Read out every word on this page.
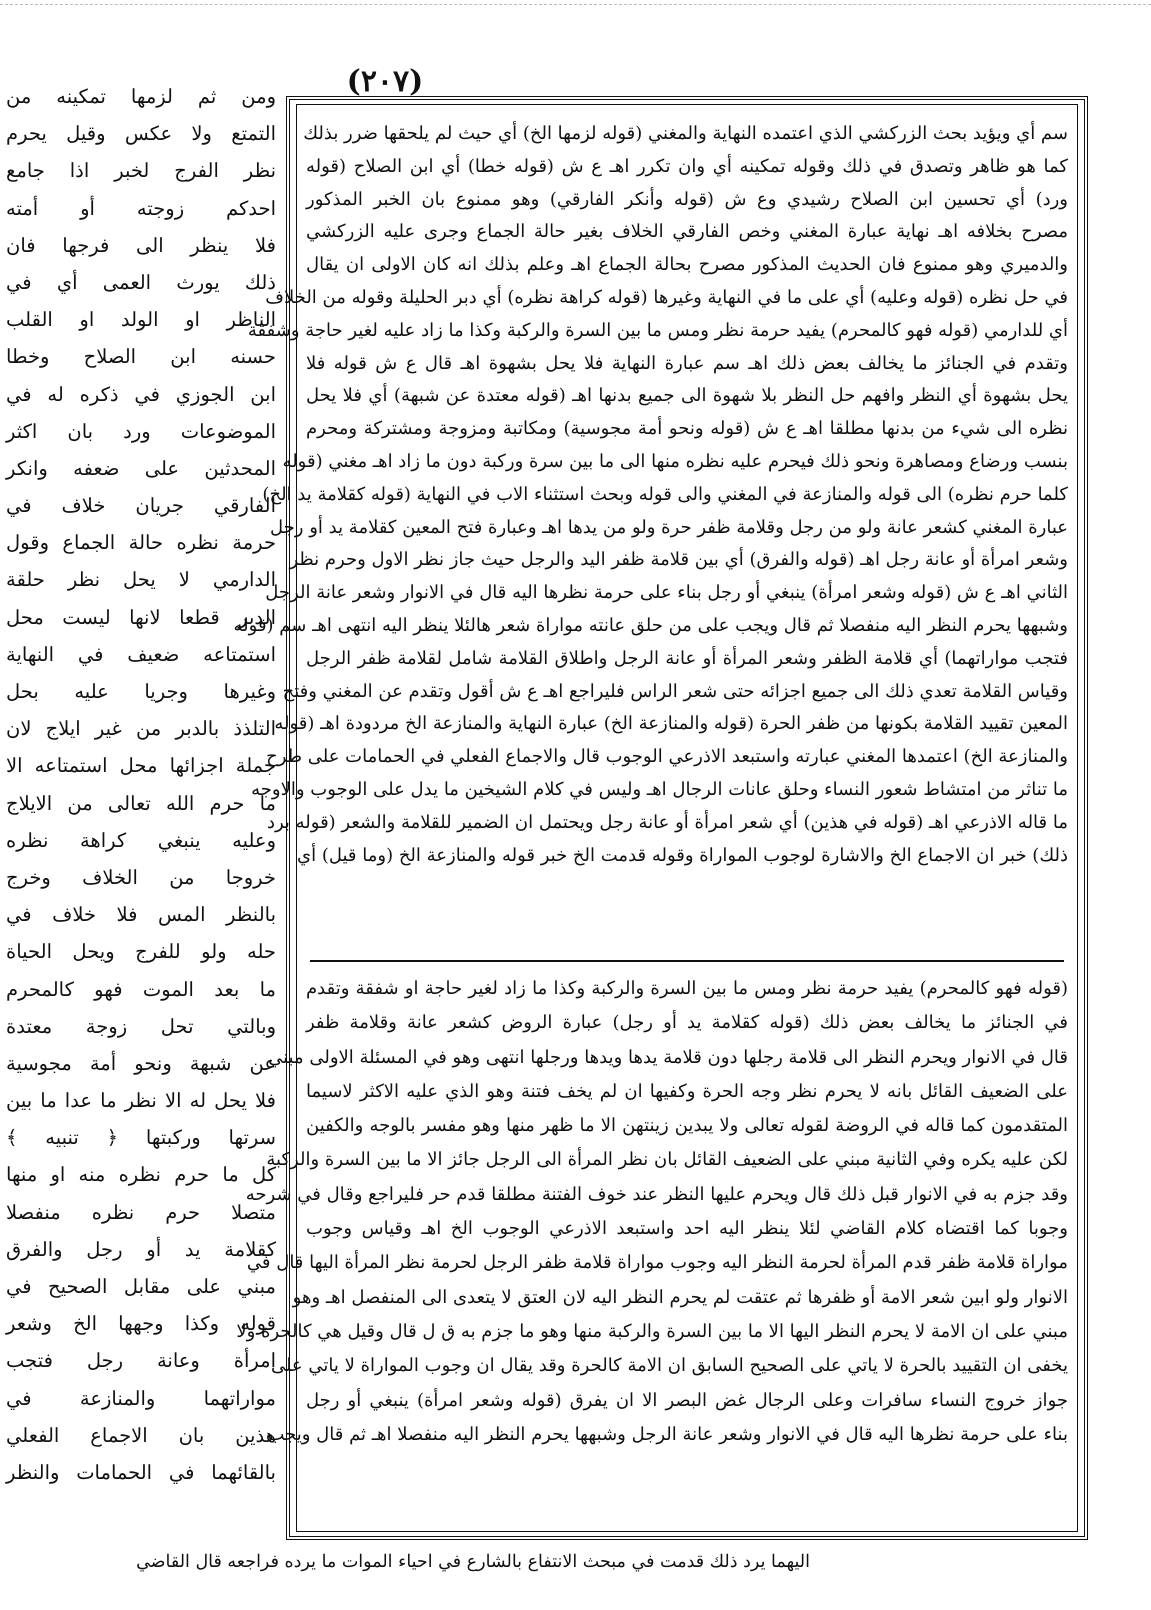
(۲۰۷)
ومن ثم لزمها تمكينه من
التمتع ولا عكس وقيل يحرم
نظر الفرج لخبر اذا جامع
احدكم زوجته أو أمته
فلا ينظر الى فرجها فان
ذلك يورث العمى أي في
الناظر او الولد او القلب
حسنه ابن الصلاح وخطا
ابن الجوزي في ذكره له في
الموضوعات ورد بان اكثر
المحدثين على ضعفه وانكر
الفارقي جريان خلاف في
حرمة نظره حالة الجماع وقول
الدارمي لا يحل نظر حلقة
الدبر قطعا لانها ليست محل
استمتاعه ضعيف في النهاية
وغيرها وجريا عليه بحل
التلذذ بالدبر من غير ايلاج لان
جملة اجزائها محل استمتاعه الا
ما حرم الله تعالى من الايلاج
وعليه ينبغي كراهة نظره
خروجا من الخلاف وخرج
بالنظر المس فلا خلاف في
حله ولو للفرج ويحل الحياة
ما بعد الموت فهو كالمحرم
وبالتي تحل زوجة معتدة
عن شبهة ونحو أمة مجوسية
فلا يحل له الا نظر ما عدا ما بين
سرتها وركبتها ﴿ تنبيه ﴾
كل ما حرم نظره منه او منها
متصلا حرم نظره منفصلا
كقلامة يد أو رجل والفرق
مبني على مقابل الصحيح في
قوله وكذا وجهها الخ وشعر
امرأة وعانة رجل فتجب
مواراتهما والمنازعة في
هذين بان الاجماع الفعلي
بالقائهما في الحمامات والنظر
سم أي ويؤيد بحث الزركشي الذي اعتمده النهاية والمغني (قوله لزمها الخ) أي حيث لم يلحقها ضرر بذلك
كما هو ظاهر وتصدق في ذلك وقوله تمكينه أي وان تكرر اهـ ع ش (قوله خطا) أي ابن الصلاح (قوله
ورد) أي تحسين ابن الصلاح رشيدي وع ش (قوله وأنكر الفارقي) وهو ممنوع بان الخبر المذكور
مصرح بخلافه اهـ نهاية عبارة المغني وخص الفارقي الخلاف بغير حالة الجماع وجرى عليه الزركشي
والدميري وهو ممنوع فان الحديث المذكور مصرح بحالة الجماع اهـ وعلم بذلك انه كان الاولى ان يقال
في حل نظره (قوله وعليه) أي على ما في النهاية وغيرها (قوله كراهة نظره) أي دبر الحليلة وقوله من الخلاف
أي للدارمي (قوله فهو كالمحرم) يفيد حرمة نظر ومس ما بين السرة والركبة وكذا ما زاد عليه لغير حاجة وشفقة
وتقدم في الجنائز ما يخالف بعض ذلك اهـ سم عبارة النهاية فلا يحل بشهوة اهـ قال ع ش قوله فلا
يحل بشهوة أي النظر وافهم حل النظر بلا شهوة الى جميع بدنها اهـ (قوله معتدة عن شبهة) أي فلا يحل
نظره الى شيء من بدنها مطلقا اهـ ع ش (قوله ونحو أمة مجوسية) ومكاتبة ومزوجة ومشتركة ومحرم
بنسب ورضاع ومصاهرة ونحو ذلك فيحرم عليه نظره منها الى ما بين سرة وركبة دون ما زاد اهـ مغني (قوله
كلما حرم نظره) الى قوله والمنازعة في المغني والى قوله وبحث استثناء الاب في النهاية (قوله كقلامة يد الخ)
عبارة المغني كشعر عانة ولو من رجل وقلامة ظفر حرة ولو من يدها اهـ وعبارة فتح المعين كقلامة يد أو رجل
وشعر امرأة أو عانة رجل اهـ (قوله والفرق) أي بين قلامة ظفر اليد والرجل حيث جاز نظر الاول وحرم نظر
الثاني اهـ ع ش (قوله وشعر امرأة) ينبغي أو رجل بناء على حرمة نظرها اليه قال في الانوار وشعر عانة الرجل
وشبهها يحرم النظر اليه منفصلا ثم قال ويجب على من حلق عانته مواراة شعر هالئلا ينظر اليه انتهى اهـ سم (قوله
فتجب مواراتهما) أي قلامة الظفر وشعر المرأة أو عانة الرجل واطلاق القلامة شامل لقلامة ظفر الرجل
وقياس القلامة تعدي ذلك الى جميع اجزائه حتى شعر الراس فليراجع اهـ ع ش أقول وتقدم عن المغني وفتح
المعين تقييد القلامة بكونها من ظفر الحرة (قوله والمنازعة الخ) عبارة النهاية والمنازعة الخ مردودة اهـ (قوله
والمنازعة الخ) اعتمدها المغني عبارته واستبعد الاذرعي الوجوب قال والاجماع الفعلي في الحمامات على طرح
ما تناثر من امتشاط شعور النساء وحلق عانات الرجال اهـ وليس في كلام الشيخين ما يدل على الوجوب والاوجه
ما قاله الاذرعي اهـ (قوله في هذين) أي شعر امرأة أو عانة رجل ويحتمل ان الضمير للقلامة والشعر (قوله برد
ذلك) خبر ان الاجماع الخ والاشارة لوجوب المواراة وقوله قدمت الخ خبر قوله والمنازعة الخ (وما قيل) أي
(قوله فهو كالمحرم) يفيد حرمة نظر ومس ما بين السرة والركبة وكذا ما زاد لغير حاجة او شفقة وتقدم
في الجنائز ما يخالف بعض ذلك (قوله كقلامة يد أو رجل) عبارة الروض كشعر عانة وقلامة ظفر
قال في الانوار ويحرم النظر الى قلامة رجلها دون قلامة يدها ويدها ورجلها انتهى وهو في المسئلة الاولى مبني
على الضعيف القائل بانه لا يحرم نظر وجه الحرة وكفيها ان لم يخف فتنة وهو الذي عليه الاكثر لاسيما
المتقدمون كما قاله في الروضة لقوله تعالى ولا يبدين زينتهن الا ما ظهر منها وهو مفسر بالوجه والكفين
لكن عليه يكره وفي الثانية مبني على الضعيف القائل بان نظر المرأة الى الرجل جائز الا ما بين السرة والركبة
وقد جزم به في الانوار قبل ذلك قال ويحرم عليها النظر عند خوف الفتنة مطلقا قدم حر فليراجع وقال في شرحه
وجوبا كما اقتضاه كلام القاضي لئلا ينظر اليه احد واستبعد الاذرعي الوجوب الخ اهـ وقياس وجوب
مواراة قلامة ظفر قدم المرأة لحرمة النظر اليه وجوب مواراة قلامة ظفر الرجل لحرمة نظر المرأة اليها قال في
الانوار ولو ابين شعر الامة أو ظفرها ثم عتقت لم يحرم النظر اليه لان العتق لا يتعدى الى المنفصل اهـ وهو
مبني على ان الامة لا يحرم النظر اليها الا ما بين السرة والركبة منها وهو ما جزم به ق ل قال وقيل هي كالحرة ولا
يخفى ان التقييد بالحرة لا ياتي على الصحيح السابق ان الامة كالحرة وقد يقال ان وجوب المواراة لا ياتي على
جواز خروج النساء سافرات وعلى الرجال غض البصر الا ان يفرق (قوله وشعر امرأة) ينبغي أو رجل
بناء على حرمة نظرها اليه قال في الانوار وشعر عانة الرجل وشبهها يحرم النظر اليه منفصلا اهـ ثم قال ويجب
اليهما يرد ذلك قدمت في مبحث الانتفاع بالشارع في احياء الموات ما يرده فراجعه قال القاضي
